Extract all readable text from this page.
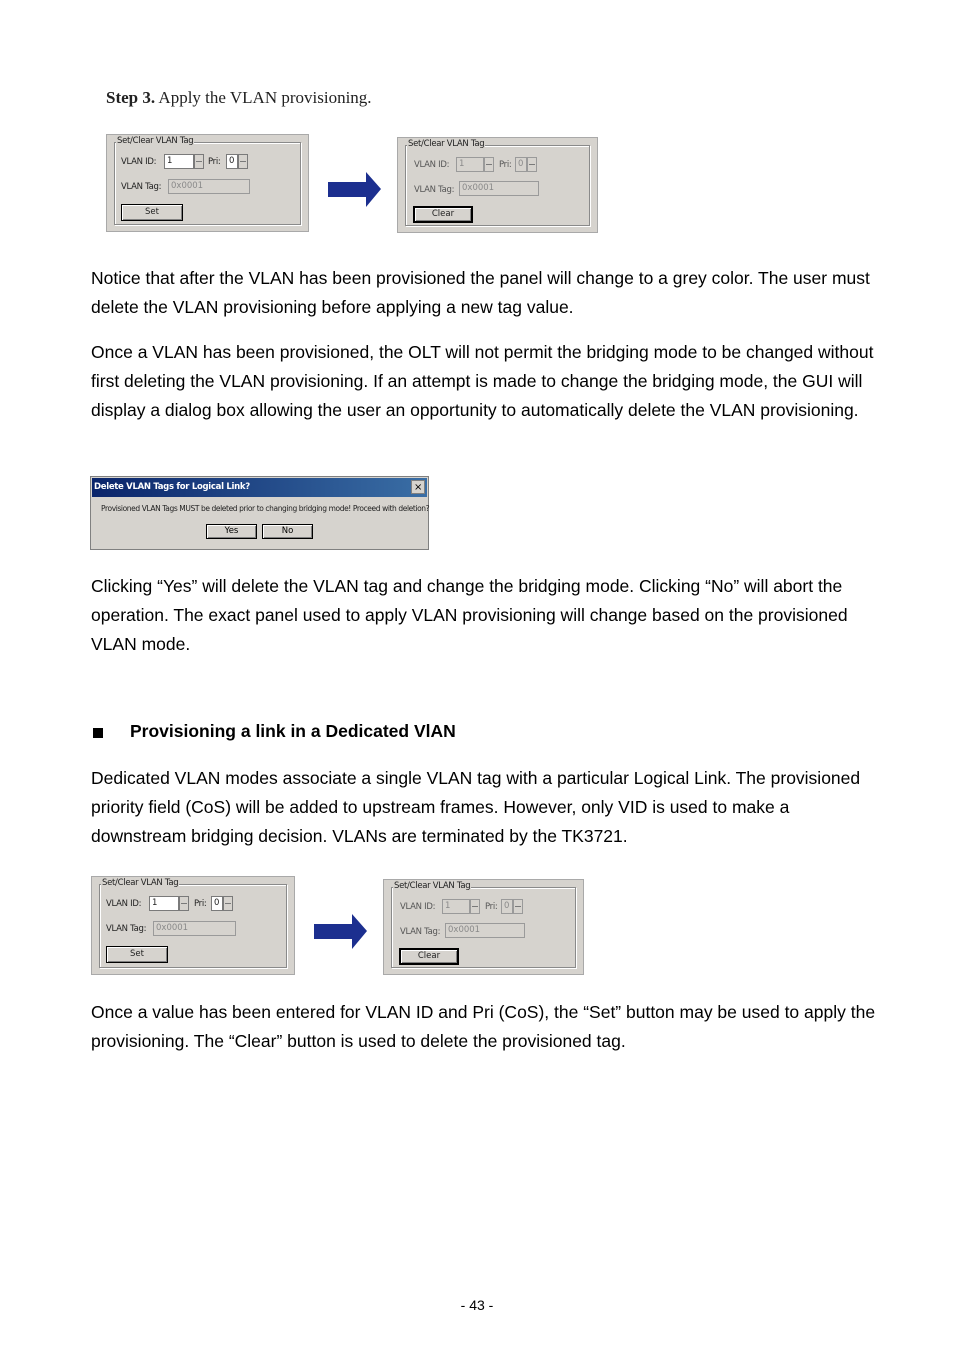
Step 3. Apply the VLAN provisioning.
Set/Clear VLAN Tag
VLAN ID:	1	Pri:	0
VLAN Tag:	0x0001
Set
Set/Clear VLAN Tag
VLAN ID:	1	Pri: 0
VLAN Tag: 0x0001
Clear

Notice that after the VLAN has been provisioned the panel will change to a grey color. The user must delete the VLAN provisioning before applying a new tag value.

Once a VLAN has been provisioned, the OLT will not permit the bridging mode to be changed without first deleting the VLAN provisioning. If an attempt is made to change the bridging mode, the GUI will display a dialog box allowing the user an opportunity to automatically delete the VLAN provisioning.

Delete VLAN Tags for Logical Link?	×
Provisioned VLAN Tags MUST be deleted prior to changing bridging mode! Proceed with deletion?
Yes	No

Clicking “Yes” will delete the VLAN tag and change the bridging mode. Clicking “No” will abort the operation. The exact panel used to apply VLAN provisioning will change based on the provisioned VLAN mode.

Provisioning a link in a Dedicated VlAN

Dedicated VLAN modes associate a single VLAN tag with a particular Logical Link. The provisioned priority field (CoS) will be added to upstream frames. However, only VID is used to make a downstream bridging decision. VLANs are terminated by the TK3721.

Set/Clear VLAN Tag
VLAN ID:	1	Pri: 0
VLAN Tag:	0x0001
Set
Set/Clear VLAN Tag
VLAN ID:	1	Pri: 0
VLAN Tag: 0x0001
Clear

Once a value has been entered for VLAN ID and Pri (CoS), the “Set” button may be used to apply the provisioning. The “Clear” button is used to delete the provisioned tag.

- 43 -
